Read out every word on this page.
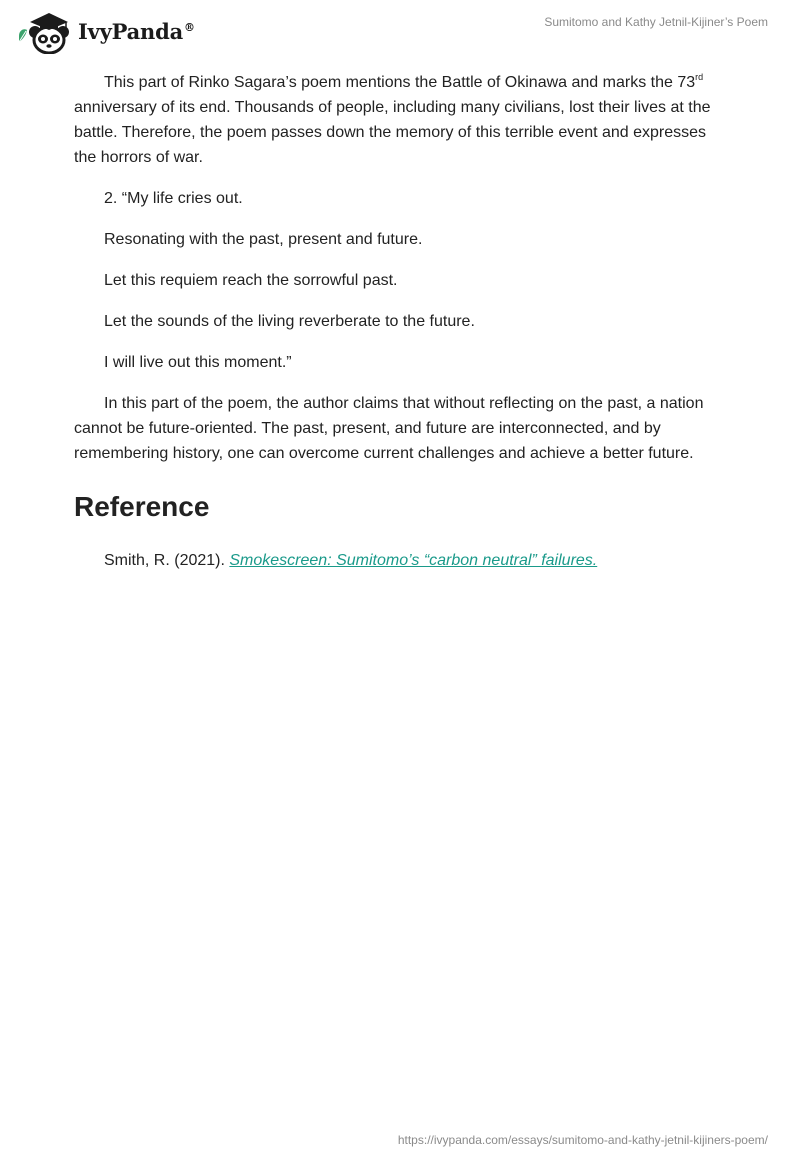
IvyPanda®	Sumitomo and Kathy Jetnil-Kijiner’s Poem

This part of Rinko Sagara’s poem mentions the Battle of Okinawa and marks the 73rd anniversary of its end. Thousands of people, including many civilians, lost their lives at the battle. Therefore, the poem passes down the memory of this terrible event and expresses the horrors of war.

2. “My life cries out.

Resonating with the past, present and future.

Let this requiem reach the sorrowful past.

Let the sounds of the living reverberate to the future.

I will live out this moment.”

In this part of the poem, the author claims that without reflecting on the past, a nation cannot be future-oriented. The past, present, and future are interconnected, and by remembering history, one can overcome current challenges and achieve a better future.

Reference
Smith, R. (2021). Smokescreen: Sumitomo’s “carbon neutral” failures.
https://ivypanda.com/essays/sumitomo-and-kathy-jetnil-kijiners-poem/
